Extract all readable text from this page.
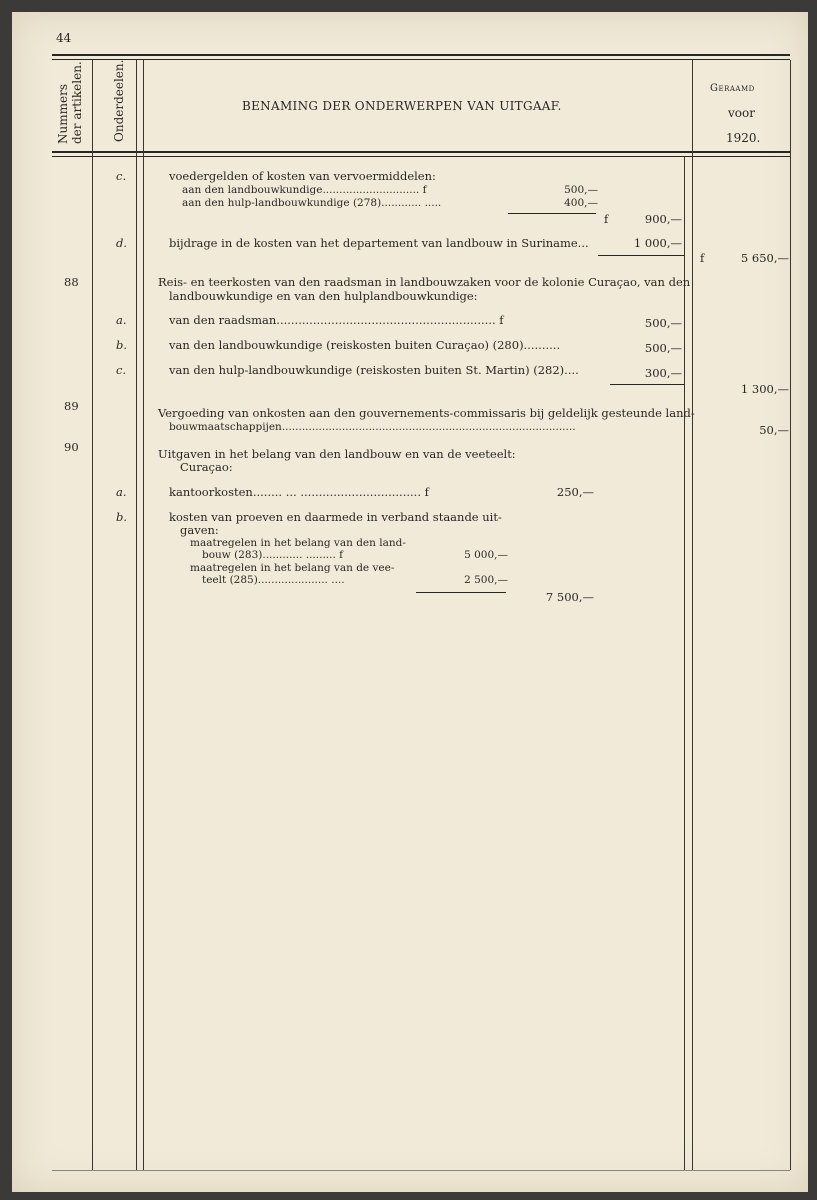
44
Nummers der artikelen. Onderdeelen.	BENAMING DER ONDERWERPEN VAN UITGAAF.
Geraamd
voor
1920.
c.	voedergelden of kosten van vervoermiddelen:
aan den landbouwkundige............................. f	500,—
aan den hulp-landbouwkundige (278)............ .....	400,—
f	900,—
d.	bijdrage in de kosten van het departement van landbouw in Suriname...	1 000,—
f	5 650,—
88	Reis- en teerkosten van den raadsman in landbouwzaken voor de kolonie Curaçao, van den
landbouwkundige en van den hulplandbouwkundige:
a.	van den raadsman............................................................ f	500,—
b.	van den landbouwkundige (reiskosten buiten Curaçao) (280)..........	500,—
c.	van den hulp-landbouwkundige (reiskosten buiten St. Martin) (282)....	300,—
1 300,—
89	Vergoeding van onkosten aan den gouvernements-commissaris bij geldelijk gesteunde land-
bouwmaatschappijen........................................................................................	50,—
90	Uitgaven in het belang van den landbouw en van de veeteelt:
Curaçao:
a.	kantoorkosten........ ... ................................. f	250,—
b.	kosten van proeven en daarmede in verband staande uit-
gaven:
maatregelen in het belang van den land-
bouw (283)............ ......... f	5 000,—
maatregelen in het belang van de vee-
teelt (285)..................... ....	2 500,—
7 500,—
